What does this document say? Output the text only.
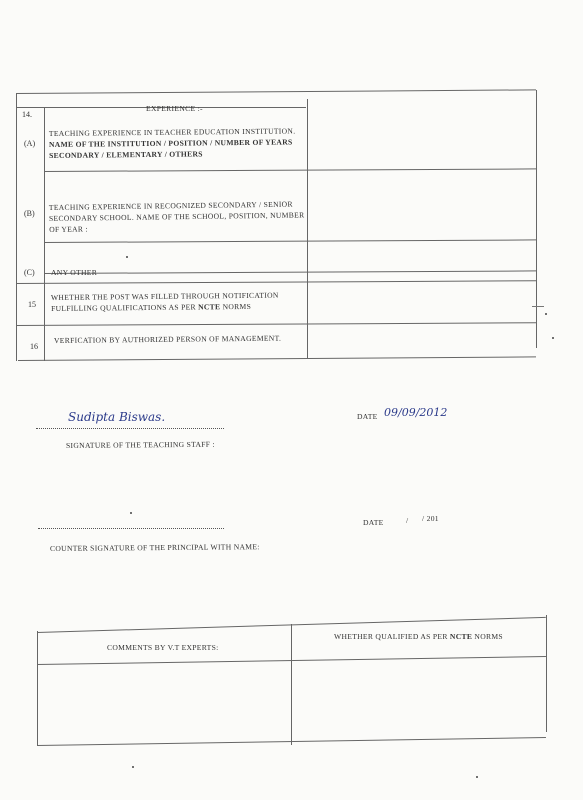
14.
EXPERIENCE :-
(A)
TEACHING EXPERIENCE IN TEACHER EDUCATION INSTITUTION.
NAME OF THE INSTITUTION / POSITION / NUMBER OF YEARS
SECONDARY / ELEMENTARY / OTHERS
(B)
TEACHING EXPERIENCE IN RECOGNIZED SECONDARY / SENIOR
SECONDARY SCHOOL. NAME OF THE SCHOOL, POSITION, NUMBER
OF YEAR :
(C) ANY OTHER
15
WHETHER THE POST WAS FILLED THROUGH NOTIFICATION
FULFILLING QUALIFICATIONS AS PER NCTE NORMS
16
VERFICATION BY AUTHORIZED PERSON OF MANAGEMENT.
Sudipta Biswas.
SIGNATURE OF THE TEACHING STAFF :
DATE 09/09/2012
COUNTER SIGNATURE OF THE PRINCIPAL WITH NAME:
DATE	/ / 201
COMMENTS BY V.T EXPERTS:
WHETHER QUALIFIED AS PER NCTE NORMS
